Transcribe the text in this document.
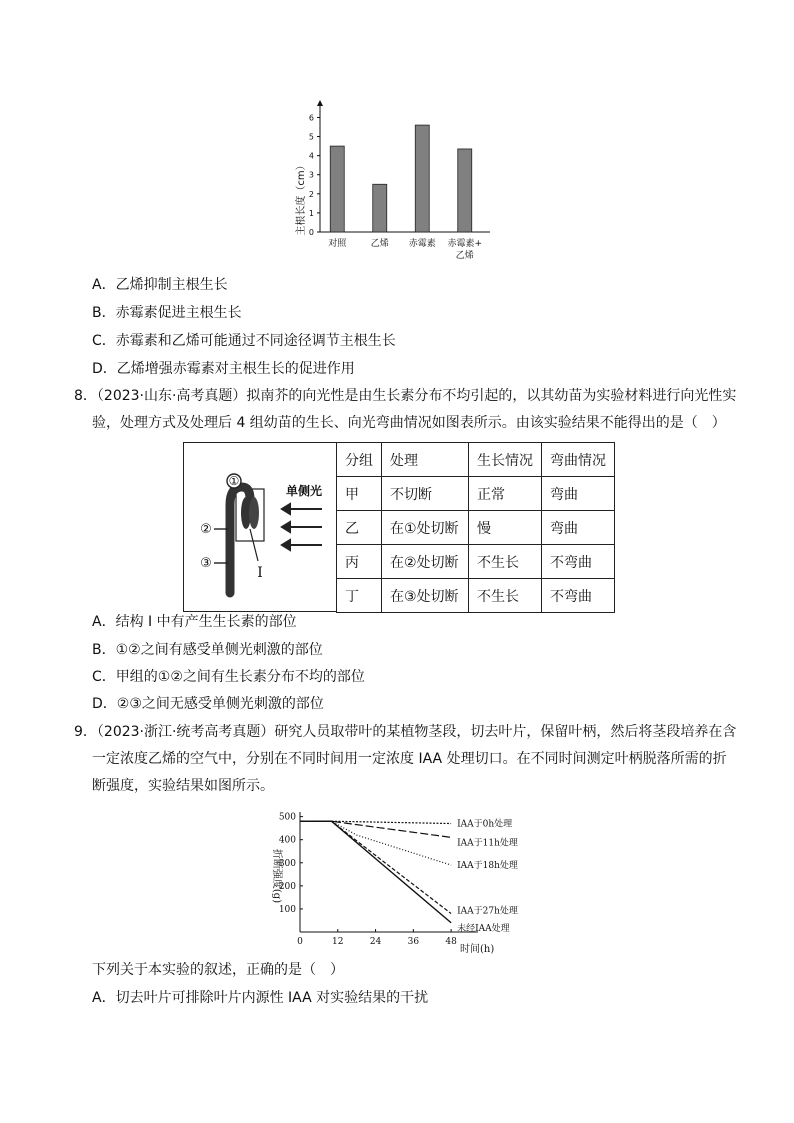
0
1
2
3
4
5
6
对照	乙烯 赤霉素 赤霉素+
乙烯
主根长度（cm）
A．乙烯抑制主根生长
B．赤霉素促进主根生长
C．赤霉素和乙烯可能通过不同途径调节主根生长
D．乙烯增强赤霉素对主根生长的促进作用
8．（2023·山东·高考真题）拟南芥的向光性是由生长素分布不均引起的，以其幼苗为实验材料进行向光性实
验，处理方式及处理后 4 组幼苗的生长、向光弯曲情况如图表所示。由该实验结果不能得出的是（　）
①
②
③
I
单侧光
分组	处理	生长情况	弯曲情况
甲	不切断	正常	弯曲
乙	在①处切断	慢	弯曲
丙	在②处切断	不生长	不弯曲
丁	在③处切断	不生长	不弯曲
A．结构 I 中有产生生长素的部位
B．①②之间有感受单侧光刺激的部位
C．甲组的①②之间有生长素分布不均的部位
D．②③之间无感受单侧光刺激的部位
9．（2023·浙江·统考高考真题）研究人员取带叶的某植物茎段，切去叶片，保留叶柄，然后将茎段培养在含
一定浓度乙烯的空气中，分别在不同时间用一定浓度 IAA 处理切口。在不同时间测定叶柄脱落所需的折
断强度，实验结果如图所示。
0	12	24	36	48
100
200
300
400
500
IAA于0h处理
IAA于11h处理
IAA于18h处理
IAA于27h处理
未经IAA处理
折断强度(g)
时间(h)
下列关于本实验的叙述，正确的是（　）
A．切去叶片可排除叶片内源性 IAA 对实验结果的干扰
